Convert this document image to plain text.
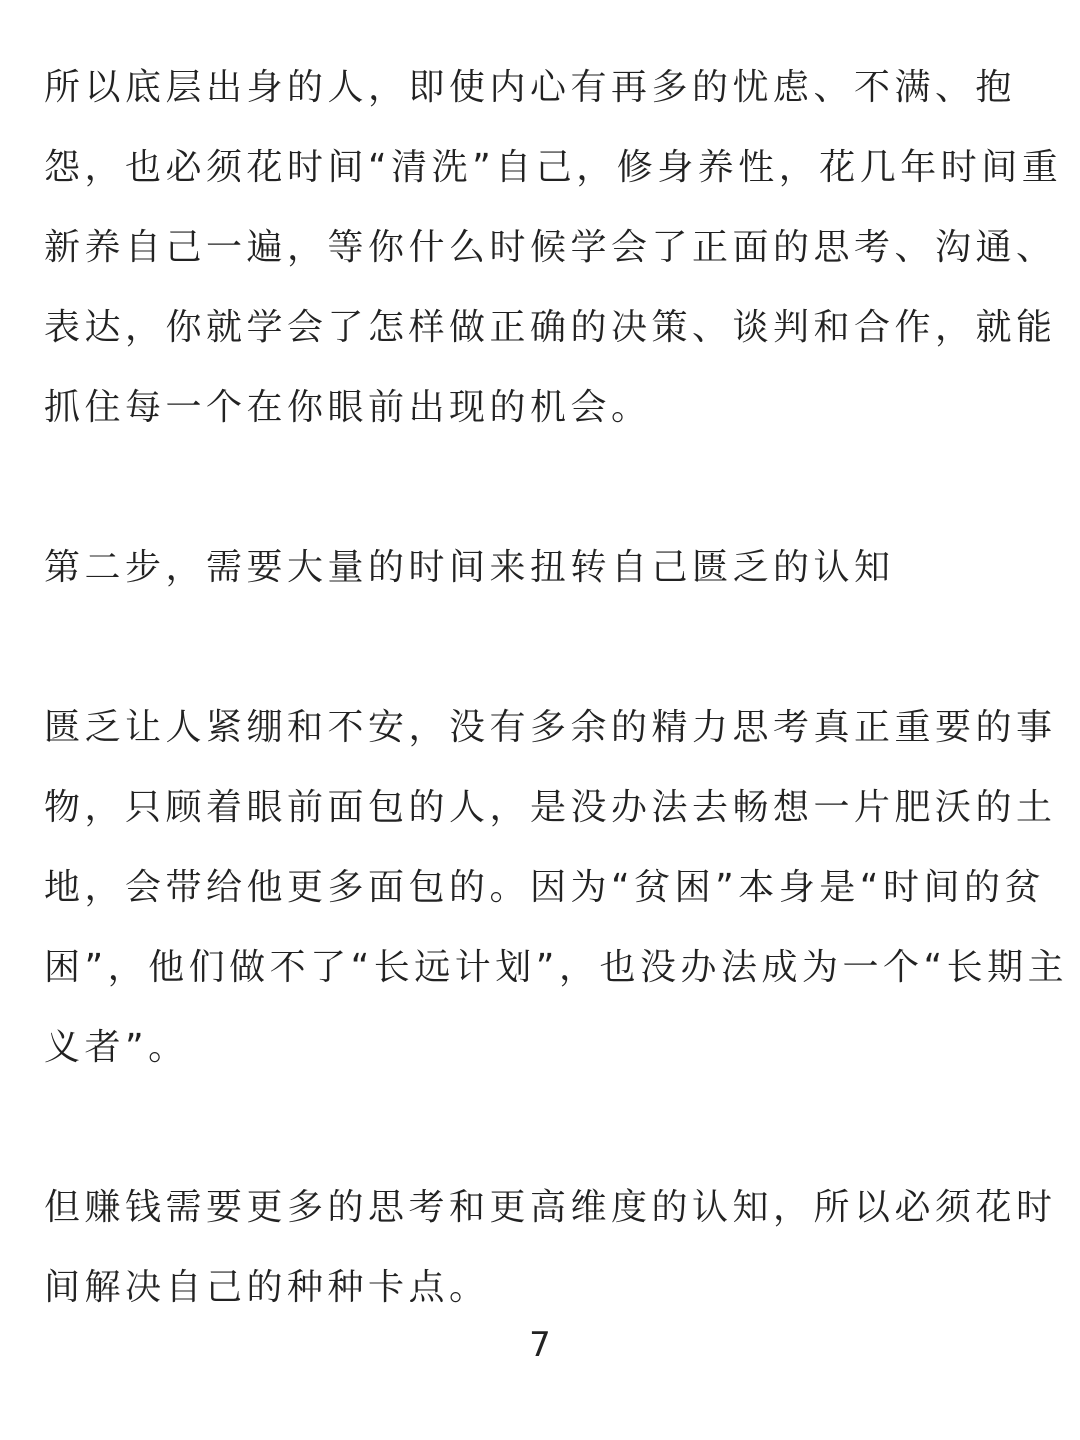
所以底层出身的人，即使内心有再多的忧虑、不满、抱
怨，也必须花时间“清洗”自己，修身养性，花几年时间重
新养自己一遍，等你什么时候学会了正面的思考、沟通、
表达，你就学会了怎样做正确的决策、谈判和合作，就能
抓住每一个在你眼前出现的机会。
第二步，需要大量的时间来扭转自己匮乏的认知
匮乏让人紧绷和不安，没有多余的精力思考真正重要的事
物，只顾着眼前面包的人，是没办法去畅想一片肥沃的土
地，会带给他更多面包的。因为“贫困”本身是“时间的贫
困”，他们做不了“长远计划”，也没办法成为一个“长期主
义者”。
但赚钱需要更多的思考和更高维度的认知，所以必须花时
间解决自己的种种卡点。
7
